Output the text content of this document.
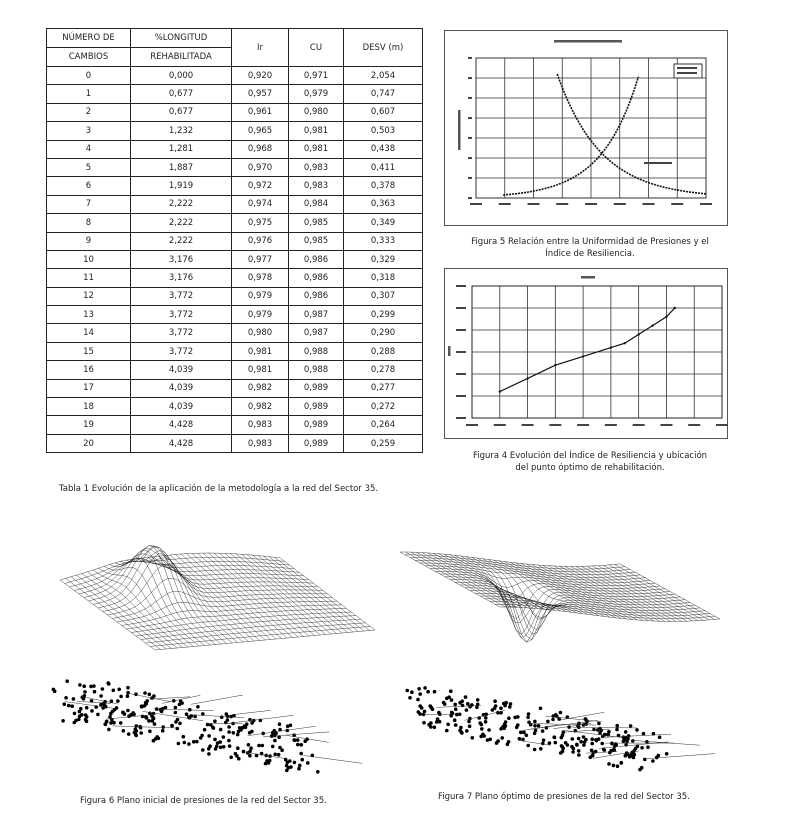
NÚMERO DE	%LONGITUD	Ir	CU	DESV (m)
CAMBIOS	REHABILITADA			
0	0,000	0,920	0,971	2,054
1	0,677	0,957	0,979	0,747
2	0,677	0,961	0,980	0,607
3	1,232	0,965	0,981	0,503
4	1,281	0,968	0,981	0,438
5	1,887	0,970	0,983	0,411
6	1,919	0,972	0,983	0,378
7	2,222	0,974	0,984	0,363
8	2,222	0,975	0,985	0,349
9	2,222	0,976	0,985	0,333
10	3,176	0,977	0,986	0,329
11	3,176	0,978	0,986	0,318
12	3,772	0,979	0,986	0,307
13	3,772	0,979	0,987	0,299
14	3,772	0,980	0,987	0,290
15	3,772	0,981	0,988	0,288
16	4,039	0,981	0,988	0,278
17	4,039	0,982	0,989	0,277
18	4,039	0,982	0,989	0,272
19	4,428	0,983	0,989	0,264
20	4,428	0,983	0,989	0,259
Tabla 1 Evolución de la aplicación de la metodología a la red del Sector 35.
Figura 5 Relación entre la Uniformidad de Presiones y el
Índice de Resiliencia.
Figura 4 Evolución del Índice de Resiliencia y ubicación
del punto óptimo de rehabilitación.
Figura 6 Plano inicial de presiones de la red del Sector 35.	Figura 7 Plano óptimo de presiones de la red del Sector 35.
